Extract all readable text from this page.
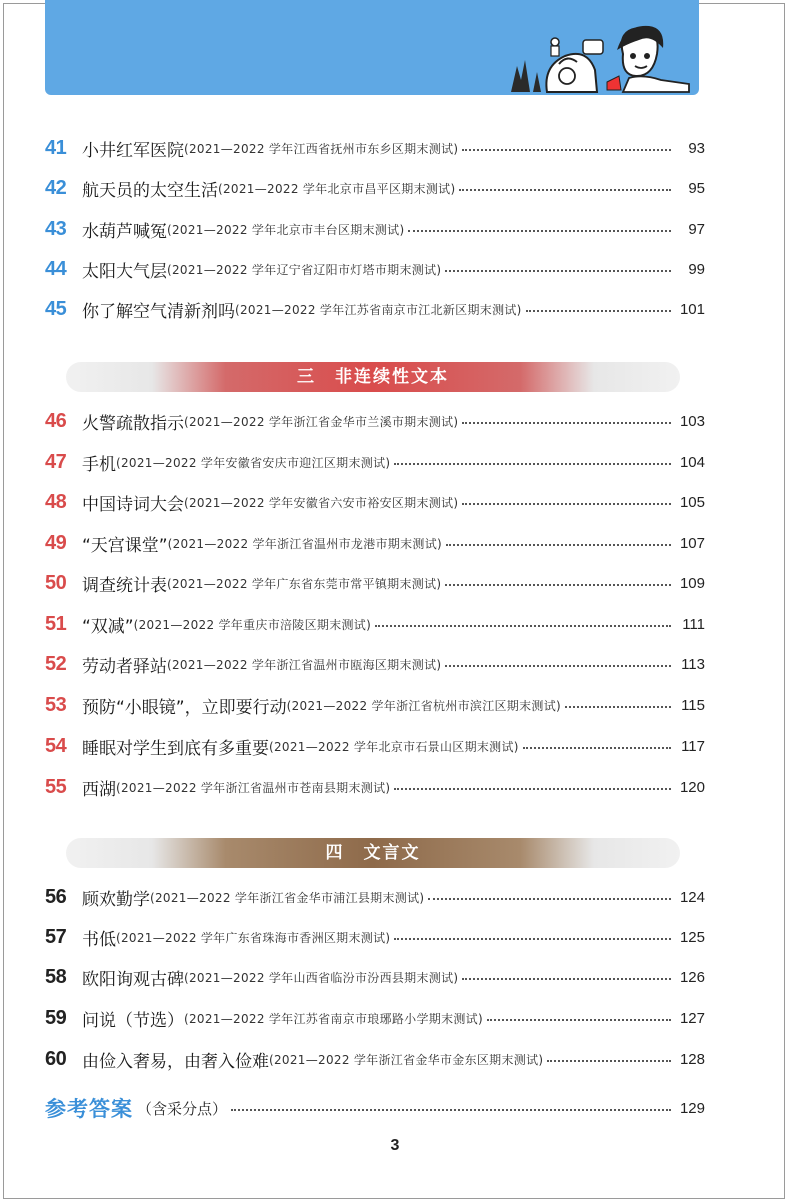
41 小井红军医院 (2021—2022 学年江西省抚州市东乡区期末测试)	93
42 航天员的太空生活 (2021—2022 学年北京市昌平区期末测试)	95
43 水葫芦喊冤 (2021—2022 学年北京市丰台区期末测试)	97
44 太阳大气层 (2021—2022 学年辽宁省辽阳市灯塔市期末测试)	99
45 你了解空气清新剂吗 (2021—2022 学年江苏省南京市江北新区期末测试)	101
三　非连续性文本
46 火警疏散指示 (2021—2022 学年浙江省金华市兰溪市期末测试)	103
47 手机 (2021—2022 学年安徽省安庆市迎江区期末测试)	104
48 中国诗词大会 (2021—2022 学年安徽省六安市裕安区期末测试)	105
49 “天宫课堂” (2021—2022 学年浙江省温州市龙港市期末测试)	107
50 调查统计表 (2021—2022 学年广东省东莞市常平镇期末测试)	109
51 “双减” (2021—2022 学年重庆市涪陵区期末测试)	111
52 劳动者驿站 (2021—2022 学年浙江省温州市瓯海区期末测试)	113
53 预防“小眼镜”，立即要行动 (2021—2022 学年浙江省杭州市滨江区期末测试)	115
54 睡眠对学生到底有多重要 (2021—2022 学年北京市石景山区期末测试)	117
55 西湖 (2021—2022 学年浙江省温州市苍南县期末测试)	120
四　文言文
56 顾欢勤学 (2021—2022 学年浙江省金华市浦江县期末测试)	124
57 书低 (2021—2022 学年广东省珠海市香洲区期末测试)	125
58 欧阳询观古碑 (2021—2022 学年山西省临汾市汾西县期末测试)	126
59 问说（节选） (2021—2022 学年江苏省南京市琅琊路小学期末测试)	127
60 由俭入奢易，由奢入俭难 (2021—2022 学年浙江省金华市金东区期末测试)	128
参考答案 （含采分点）	129
3
